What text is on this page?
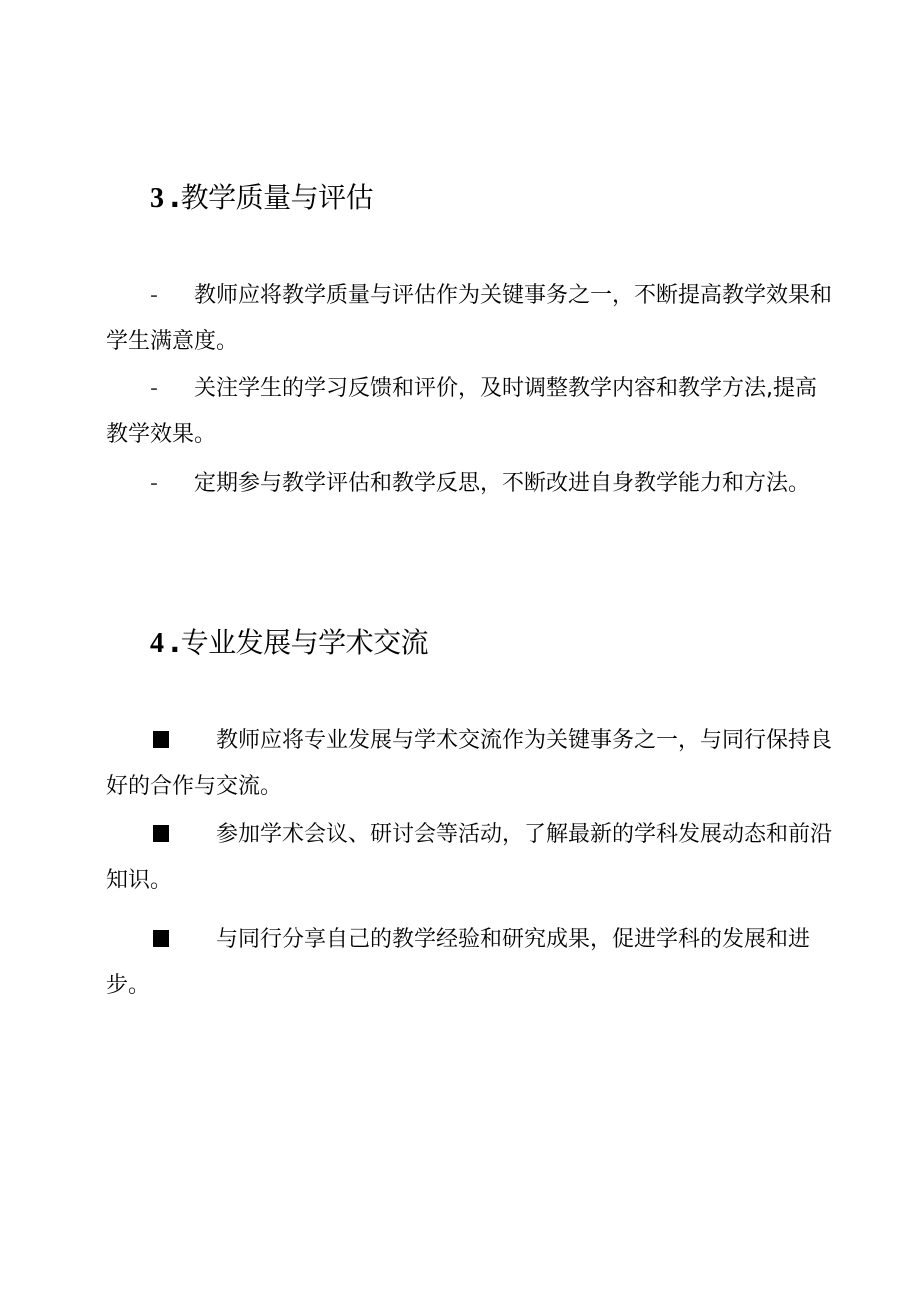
3 .教学质量与评估

- 教师应将教学质量与评估作为关键事务之一，不断提高教学效果和学生满意度。

- 关注学生的学习反馈和评价，及时调整教学内容和教学方法,提高教学效果。

- 定期参与教学评估和教学反思，不断改进自身教学能力和方法。

4 .专业发展与学术交流

教师应将专业发展与学术交流作为关键事务之一，与同行保持良好的合作与交流。

参加学术会议、研讨会等活动，了解最新的学科发展动态和前沿知识。

与同行分享自己的教学经验和研究成果，促进学科的发展和进步。
